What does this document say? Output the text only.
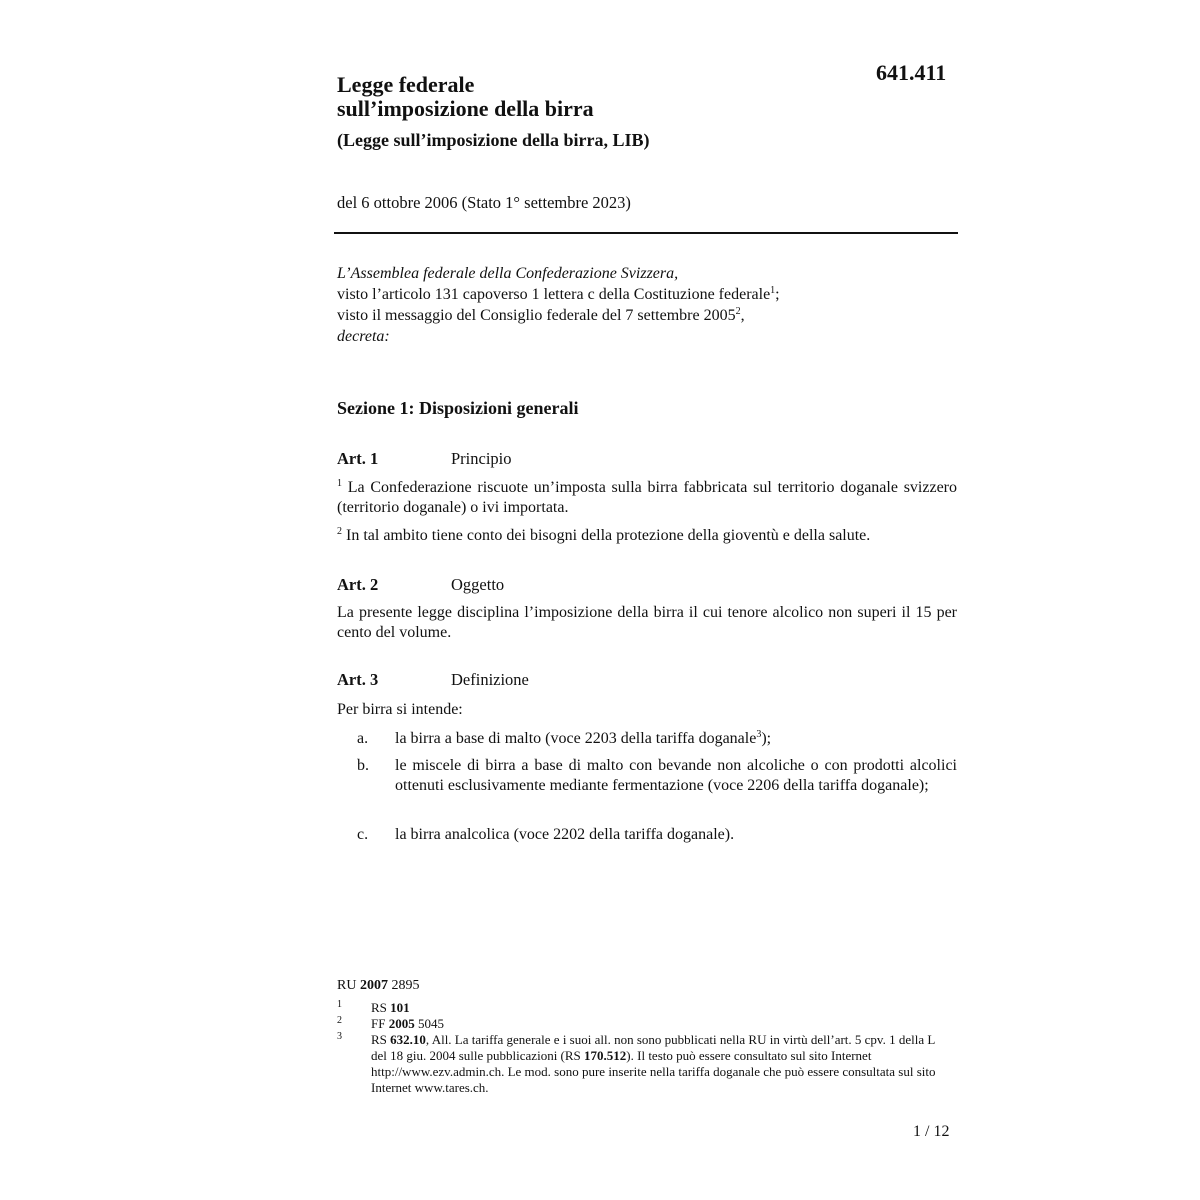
641.411
Legge federale
sull’imposizione della birra
(Legge sull’imposizione della birra, LIB)
del 6 ottobre 2006 (Stato 1° settembre 2023)
L’Assemblea federale della Confederazione Svizzera,
visto l’articolo 131 capoverso 1 lettera c della Costituzione federale$^1$;
visto il messaggio del Consiglio federale del 7 settembre 2005$^2$,
decreta:
Sezione 1: Disposizioni generali
Art. 1	Principio
$^1$ La Confederazione riscuote un’imposta sulla birra fabbricata sul territorio doganale svizzero (territorio doganale) o ivi importata.
$^2$ In tal ambito tiene conto dei bisogni della protezione della gioventù e della salute.
Art. 2	Oggetto
La presente legge disciplina l’imposizione della birra il cui tenore alcolico non superi il 15 per cento del volume.
Art. 3	Definizione
Per birra si intende:
a. la birra a base di malto (voce 2203 della tariffa doganale$^3$);
b. le miscele di birra a base di malto con bevande non alcoliche o con prodotti alcolici ottenuti esclusivamente mediante fermentazione (voce 2206 della tariffa doganale);
c. la birra analcolica (voce 2202 della tariffa doganale).
RU 2007 2895
1 RS 101
2 FF 2005 5045
3 RS 632.10, All. La tariffa generale e i suoi all. non sono pubblicati nella RU in virtù dell’art. 5 cpv. 1 della L del 18 giu. 2004 sulle pubblicazioni (RS 170.512). Il testo può essere consultato sul sito Internet http://www.ezv.admin.ch. Le mod. sono pure inserite nella tariffa doganale che può essere consultata sul sito Internet www.tares.ch.
1 / 12
